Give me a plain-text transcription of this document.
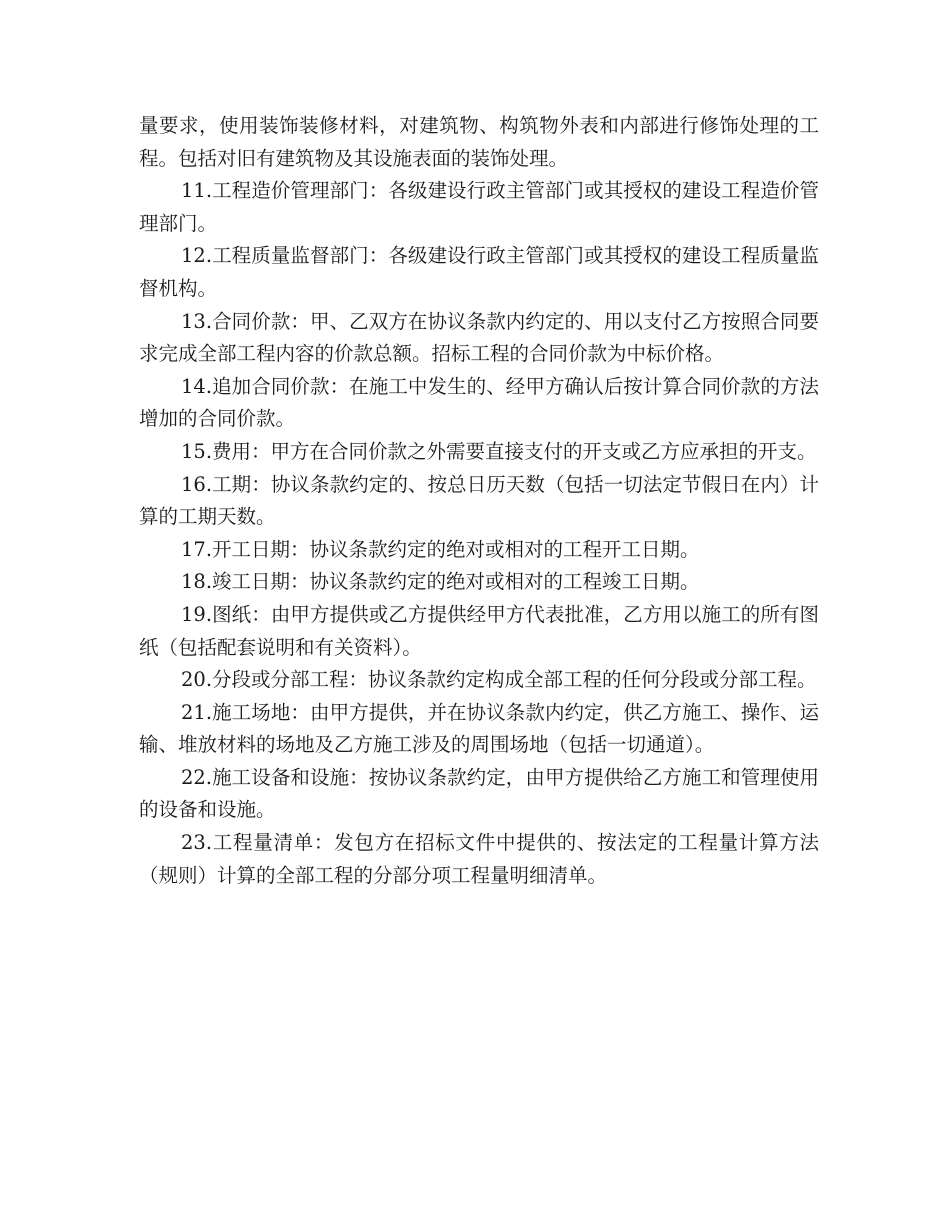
量要求，使用装饰装修材料，对建筑物、构筑物外表和内部进行修饰处理的工程。包括对旧有建筑物及其设施表面的装饰处理。

11.工程造价管理部门：各级建设行政主管部门或其授权的建设工程造价管理部门。

12.工程质量监督部门：各级建设行政主管部门或其授权的建设工程质量监督机构。

13.合同价款：甲、乙双方在协议条款内约定的、用以支付乙方按照合同要求完成全部工程内容的价款总额。招标工程的合同价款为中标价格。

14.追加合同价款：在施工中发生的、经甲方确认后按计算合同价款的方法增加的合同价款。

15.费用：甲方在合同价款之外需要直接支付的开支或乙方应承担的开支。

16.工期：协议条款约定的、按总日历天数（包括一切法定节假日在内）计算的工期天数。

17.开工日期：协议条款约定的绝对或相对的工程开工日期。

18.竣工日期：协议条款约定的绝对或相对的工程竣工日期。

19.图纸：由甲方提供或乙方提供经甲方代表批准，乙方用以施工的所有图纸（包括配套说明和有关资料）。

20.分段或分部工程：协议条款约定构成全部工程的任何分段或分部工程。

21.施工场地：由甲方提供，并在协议条款内约定，供乙方施工、操作、运输、堆放材料的场地及乙方施工涉及的周围场地（包括一切通道）。

22.施工设备和设施：按协议条款约定，由甲方提供给乙方施工和管理使用的设备和设施。

23.工程量清单：发包方在招标文件中提供的、按法定的工程量计算方法（规则）计算的全部工程的分部分项工程量明细清单。
